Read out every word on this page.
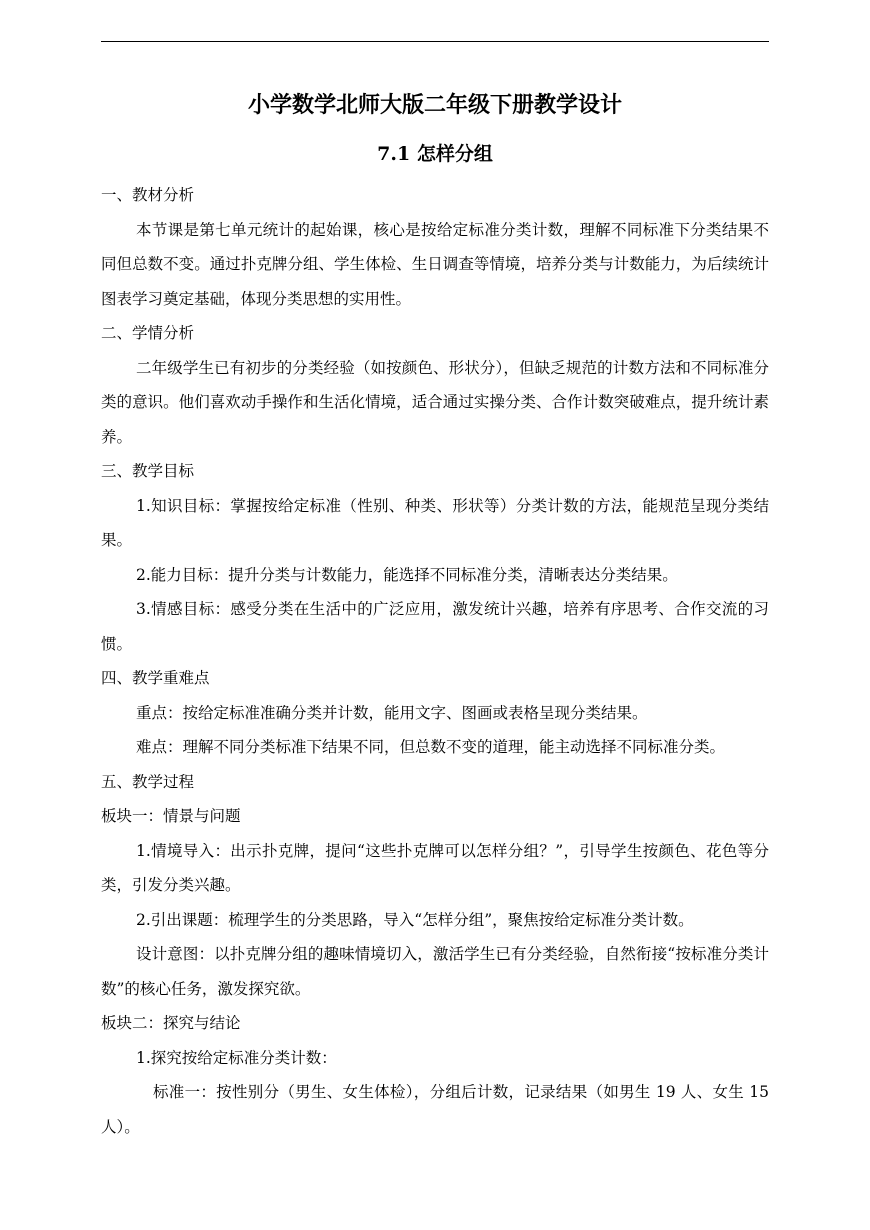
小学数学北师大版二年级下册教学设计
7.1 怎样分组

一、教材分析

本节课是第七单元统计的起始课，核心是按给定标准分类计数，理解不同标准下分类结果不同但总数不变。通过扑克牌分组、学生体检、生日调查等情境，培养分类与计数能力，为后续统计图表学习奠定基础，体现分类思想的实用性。

二、学情分析

二年级学生已有初步的分类经验（如按颜色、形状分），但缺乏规范的计数方法和不同标准分类的意识。他们喜欢动手操作和生活化情境，适合通过实操分类、合作计数突破难点，提升统计素养。

三、教学目标

1.知识目标：掌握按给定标准（性别、种类、形状等）分类计数的方法，能规范呈现分类结果。

2.能力目标：提升分类与计数能力，能选择不同标准分类，清晰表达分类结果。

3.情感目标：感受分类在生活中的广泛应用，激发统计兴趣，培养有序思考、合作交流的习惯。

四、教学重难点

重点：按给定标准准确分类并计数，能用文字、图画或表格呈现分类结果。

难点：理解不同分类标准下结果不同，但总数不变的道理，能主动选择不同标准分类。

五、教学过程

板块一：情景与问题

1.情境导入：出示扑克牌，提问“这些扑克牌可以怎样分组？”，引导学生按颜色、花色等分类，引发分类兴趣。

2.引出课题：梳理学生的分类思路，导入“怎样分组”，聚焦按给定标准分类计数。

设计意图：以扑克牌分组的趣味情境切入，激活学生已有分类经验，自然衔接“按标准分类计数”的核心任务，激发探究欲。

板块二：探究与结论

1.探究按给定标准分类计数：

标准一：按性别分（男生、女生体检），分组后计数，记录结果（如男生 19 人、女生 15 人）。
